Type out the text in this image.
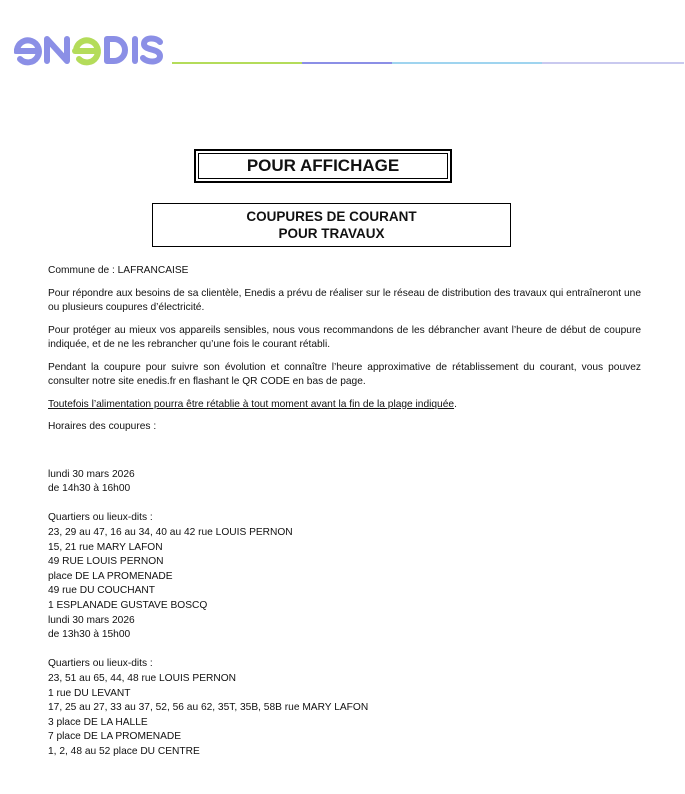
POUR AFFICHAGE
COUPURES DE COURANT
POUR TRAVAUX

Commune de : LAFRANCAISE

Pour répondre aux besoins de sa clientèle, Enedis a prévu de réaliser sur le réseau de distribution des travaux qui entraîneront une ou plusieurs coupures d’électricité.

Pour protéger au mieux vos appareils sensibles, nous vous recommandons de les débrancher avant l’heure de début de coupure indiquée, et de ne les rebrancher qu’une fois le courant rétabli.

Pendant la coupure pour suivre son évolution et connaître l’heure approximative de rétablissement du courant, vous pouvez consulter notre site enedis.fr en flashant le QR CODE en bas de page.

Toutefois l’alimentation pourra être rétablie à tout moment avant la fin de la plage indiquée.

Horaires des coupures :
lundi 30 mars 2026
de 14h30 à 16h00
Quartiers ou lieux-dits :
23, 29 au 47, 16 au 34, 40 au 42 rue LOUIS PERNON
15, 21 rue MARY LAFON
49 RUE LOUIS PERNON
place DE LA PROMENADE
49 rue DU COUCHANT
1 ESPLANADE GUSTAVE BOSCQ
lundi 30 mars 2026
de 13h30 à 15h00
Quartiers ou lieux-dits :
23, 51 au 65, 44, 48 rue LOUIS PERNON
1 rue DU LEVANT
17, 25 au 27, 33 au 37, 52, 56 au 62, 35T, 35B, 58B rue MARY LAFON
3 place DE LA HALLE
7 place DE LA PROMENADE
1, 2, 48 au 52 place DU CENTRE
